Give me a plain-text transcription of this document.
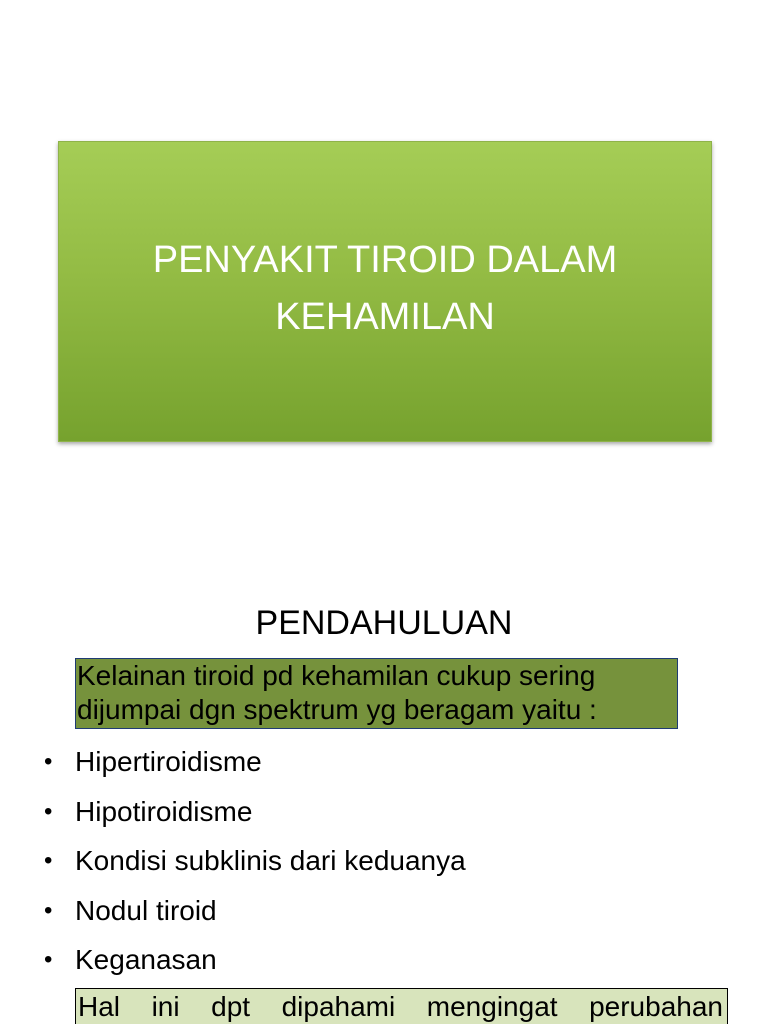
PENYAKIT TIROID DALAM
KEHAMILAN
PENDAHULUAN
Kelainan tiroid pd kehamilan cukup sering
dijumpai dgn spektrum yg beragam yaitu :
• Hipertiroidisme
• Hipotiroidisme
• Kondisi subklinis dari keduanya
• Nodul tiroid
• Keganasan
Hal ini dpt dipahami mengingat perubahan
